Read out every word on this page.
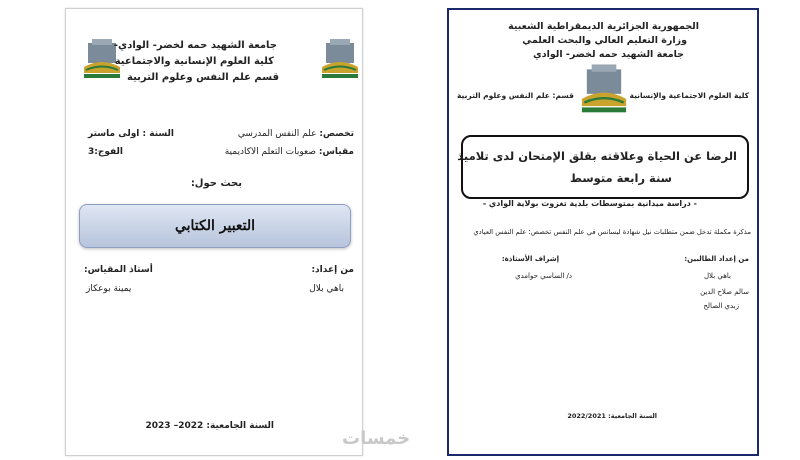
جامعة الشهيد حمه لخضر- الوادي-
كلية العلوم الإنسانية والاجتماعية
قسم علم النفس وعلوم التربية
تخصص: علم النفس المدرسي
مقياس: صعوبات التعلم الاكاديمية
السنة : اولى ماستر
الفوج:3
بحث حول:
التعبير الكتابي
من إعداد:
باهي بلال
أستاذ المقياس:
يمينة بوعكاز
السنة الجامعية: 2022– 2023
الجمهورية الجزائرية الديمقراطية الشعبية
وزارة التعليم العالي والبحث العلمي
جامعة الشهيد حمه لخضر- الوادي
كلية العلوم الاجتماعية والإنسانية
قسم: علم النفس وعلوم التربية
الرضا عن الحياة وعلاقته بقلق الإمتحان لدى تلاميذ
سنة رابعة متوسط
- دراسة ميدانية بمتوسطات بلدية تغزوت بولاية الوادي -
مذكرة مكملة تدخل ضمن متطلبات نيل شهادة ليسانس في علم النفس تخصص: علم النفس العيادي
من إعداد الطالبين:
إشراف الأستاذة:
باهي بلال
د/ الساسي حوامدي
سالم صلاح الدين
زبدي الصالح
السنة الجامعية: 2022/2021
خمسات
